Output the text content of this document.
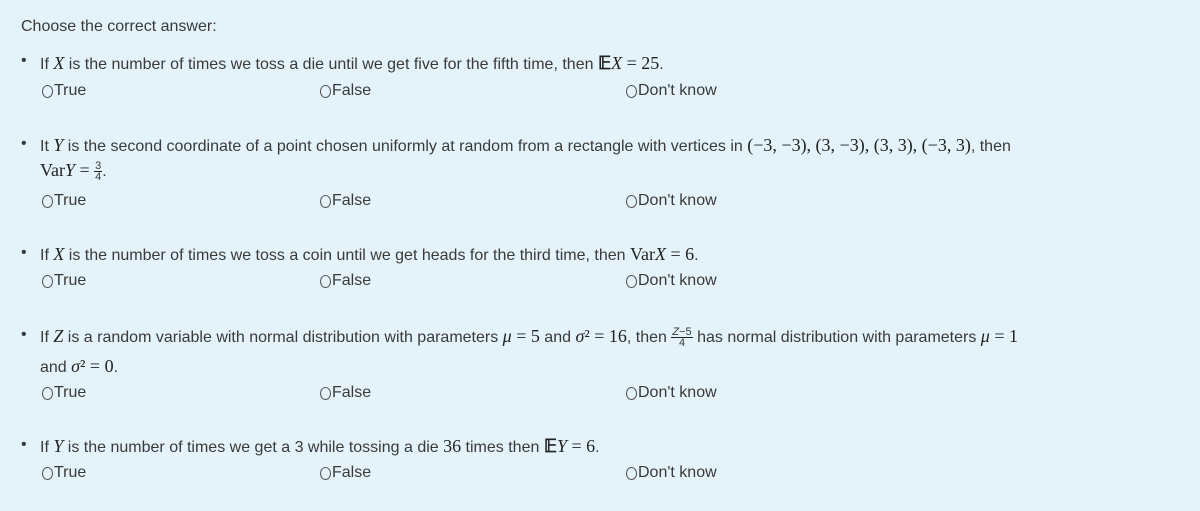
Choose the correct answer:
• If X is the number of times we toss a die until we get five for the fifth time, then 𝔼X = 25.
True	False	Don't know
• It Y is the second coordinate of a point chosen uniformly at random from a rectangle with vertices in (−3, −3), (3, −3), (3, 3), (−3, 3), then
VarY = $\frac{3}{4}$ .
True	False	Don't know
• If X is the number of times we toss a coin until we get heads for the third time, then VarX = 6.
True	False	Don't know
• If Z is a random variable with normal distribution with parameters μ = 5 and σ² = 16, then $\frac{Z-5}{4}$ has normal distribution with parameters μ = 1
and σ² = 0.
True	False	Don't know
• If Y is the number of times we get a 3 while tossing a die 36 times then 𝔼Y = 6.
True	False	Don't know
